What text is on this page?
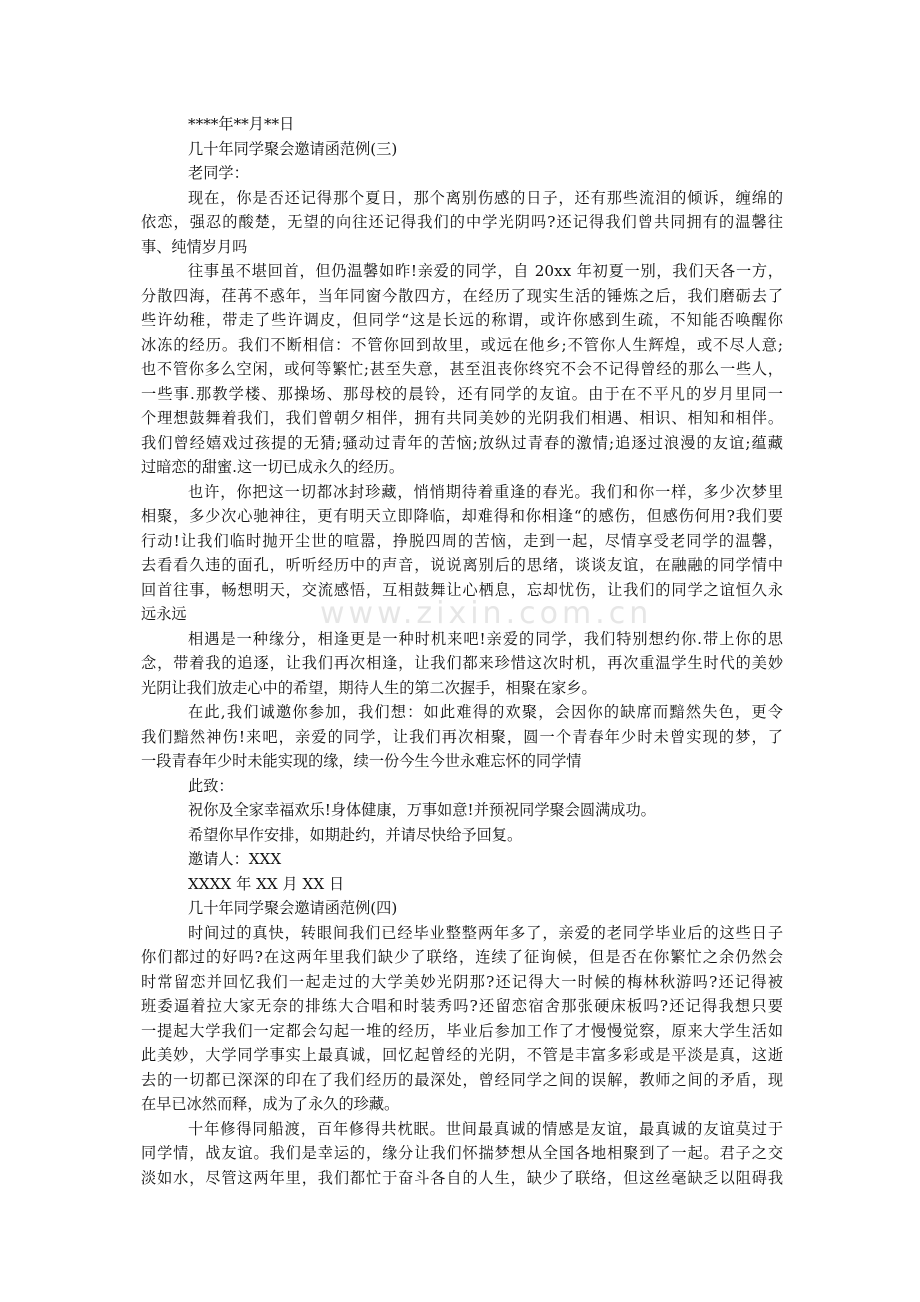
www.zixin.com.cn
****年**月**日
几十年同学聚会邀请函范例(三)
老同学：
现在，你是否还记得那个夏日，那个离别伤感的日子，还有那些流泪的倾诉，缠绵的
依恋，强忍的酸楚，无望的向往还记得我们的中学光阴吗?还记得我们曾共同拥有的温馨往
事、纯情岁月吗
往事虽不堪回首，但仍温馨如昨!亲爱的同学，自 20xx 年初夏一别，我们天各一方，
分散四海，荏苒不惑年，当年同窗今散四方，在经历了现实生活的锤炼之后，我们磨砺去了
些许幼稚，带走了些许调皮，但同学“这是长远的称谓，或许你感到生疏，不知能否唤醒你
冰冻的经历。我们不断相信：不管你回到故里，或远在他乡;不管你人生辉煌，或不尽人意;
也不管你多么空闲，或何等繁忙;甚至失意，甚至沮丧你终究不会不记得曾经的那么一些人，
一些事.那教学楼、那操场、那母校的晨铃，还有同学的友谊。由于在不平凡的岁月里同一
个理想鼓舞着我们，我们曾朝夕相伴，拥有共同美妙的光阴我们相遇、相识、相知和相伴。
我们曾经嬉戏过孩提的无猜;骚动过青年的苦恼;放纵过青春的激情;追逐过浪漫的友谊;蕴藏
过暗恋的甜蜜.这一切已成永久的经历。
也许，你把这一切都冰封珍藏，悄悄期待着重逢的春光。我们和你一样，多少次梦里
相聚，多少次心驰神往，更有明天立即降临，却难得和你相逢“的感伤，但感伤何用?我们要
行动!让我们临时抛开尘世的喧嚣，挣脱四周的苦恼，走到一起，尽情享受老同学的温馨，
去看看久违的面孔，听听经历中的声音，说说离别后的思绪，谈谈友谊，在融融的同学情中
回首往事，畅想明天，交流感悟，互相鼓舞让心栖息，忘却忧伤，让我们的同学之谊恒久永
远永远
相遇是一种缘分，相逢更是一种时机来吧!亲爱的同学，我们特别想约你.带上你的思
念，带着我的追逐，让我们再次相逢，让我们都来珍惜这次时机，再次重温学生时代的美妙
光阴让我们放走心中的希望，期待人生的第二次握手，相聚在家乡。
在此,我们诚邀你参加，我们想：如此难得的欢聚，会因你的缺席而黯然失色，更令
我们黯然神伤!来吧，亲爱的同学，让我们再次相聚，圆一个青春年少时未曾实现的梦，了
一段青春年少时未能实现的缘，续一份今生今世永难忘怀的同学情
此致：
祝你及全家幸福欢乐!身体健康，万事如意!并预祝同学聚会圆满成功。
希望你早作安排，如期赴约，并请尽快给予回复。
邀请人：XXX
XXXX 年 XX 月 XX 日
几十年同学聚会邀请函范例(四)
时间过的真快，转眼间我们已经毕业整整两年多了，亲爱的老同学毕业后的这些日子
你们都过的好吗?在这两年里我们缺少了联络，连续了征询候，但是否在你繁忙之余仍然会
时常留恋并回忆我们一起走过的大学美妙光阴那?还记得大一时候的梅林秋游吗?还记得被
班委逼着拉大家无奈的排练大合唱和时装秀吗?还留恋宿舍那张硬床板吗?还记得我想只要
一提起大学我们一定都会勾起一堆的经历，毕业后参加工作了才慢慢觉察，原来大学生活如
此美妙，大学同学事实上最真诚，回忆起曾经的光阴，不管是丰富多彩或是平淡是真，这逝
去的一切都已深深的印在了我们经历的最深处，曾经同学之间的误解，教师之间的矛盾，现
在早已冰然而释，成为了永久的珍藏。
十年修得同船渡，百年修得共枕眠。世间最真诚的情感是友谊，最真诚的友谊莫过于
同学情，战友谊。我们是幸运的，缘分让我们怀揣梦想从全国各地相聚到了一起。君子之交
淡如水，尽管这两年里，我们都忙于奋斗各自的人生，缺少了联络，但这丝毫缺乏以阻碍我
